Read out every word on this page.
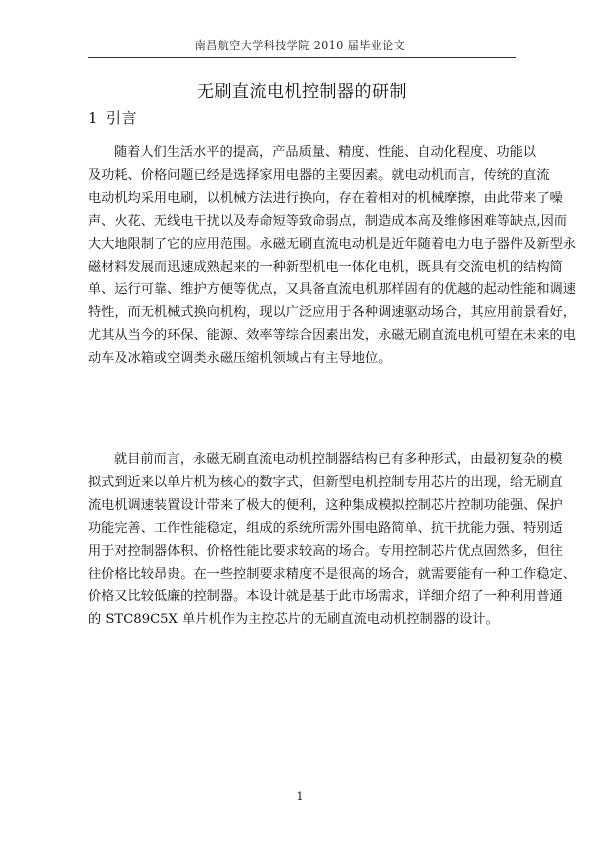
南昌航空大学科技学院 2010 届毕业论文
无刷直流电机控制器的研制
1 引言
随着人们生活水平的提高，产品质量、精度、性能、自动化程度、功能以
及功耗、价格问题已经是选择家用电器的主要因素。就电动机而言，传统的直流
电动机均采用电刷，以机械方法进行换向，存在着相对的机械摩擦，由此带来了噪
声、火花、无线电干扰以及寿命短等致命弱点，制造成本高及维修困难等缺点,因而
大大地限制了它的应用范围。永磁无刷直流电动机是近年随着电力电子器件及新型永
磁材料发展而迅速成熟起来的一种新型机电一体化电机，既具有交流电机的结构简
单、运行可靠、维护方便等优点，又具备直流电机那样固有的优越的起动性能和调速
特性，而无机械式换向机构，现以广泛应用于各种调速驱动场合，其应用前景看好，
尤其从当今的环保、能源、效率等综合因素出发，永磁无刷直流电机可望在未来的电
动车及冰箱或空调类永磁压缩机领域占有主导地位。
就目前而言，永磁无刷直流电动机控制器结构已有多种形式，由最初复杂的模
拟式到近来以单片机为核心的数字式，但新型电机控制专用芯片的出现，给无刷直
流电机调速装置设计带来了极大的便利，这种集成模拟控制芯片控制功能强、保护
功能完善、工作性能稳定，组成的系统所需外围电路简单、抗干扰能力强、特别适
用于对控制器体积、价格性能比要求较高的场合。专用控制芯片优点固然多，但往
往价格比较昂贵。在一些控制要求精度不是很高的场合，就需要能有一种工作稳定、
价格又比较低廉的控制器。本设计就是基于此市场需求，详细介绍了一种利用普通
的 STC89C5X 单片机作为主控芯片的无刷直流电动机控制器的设计。
1
